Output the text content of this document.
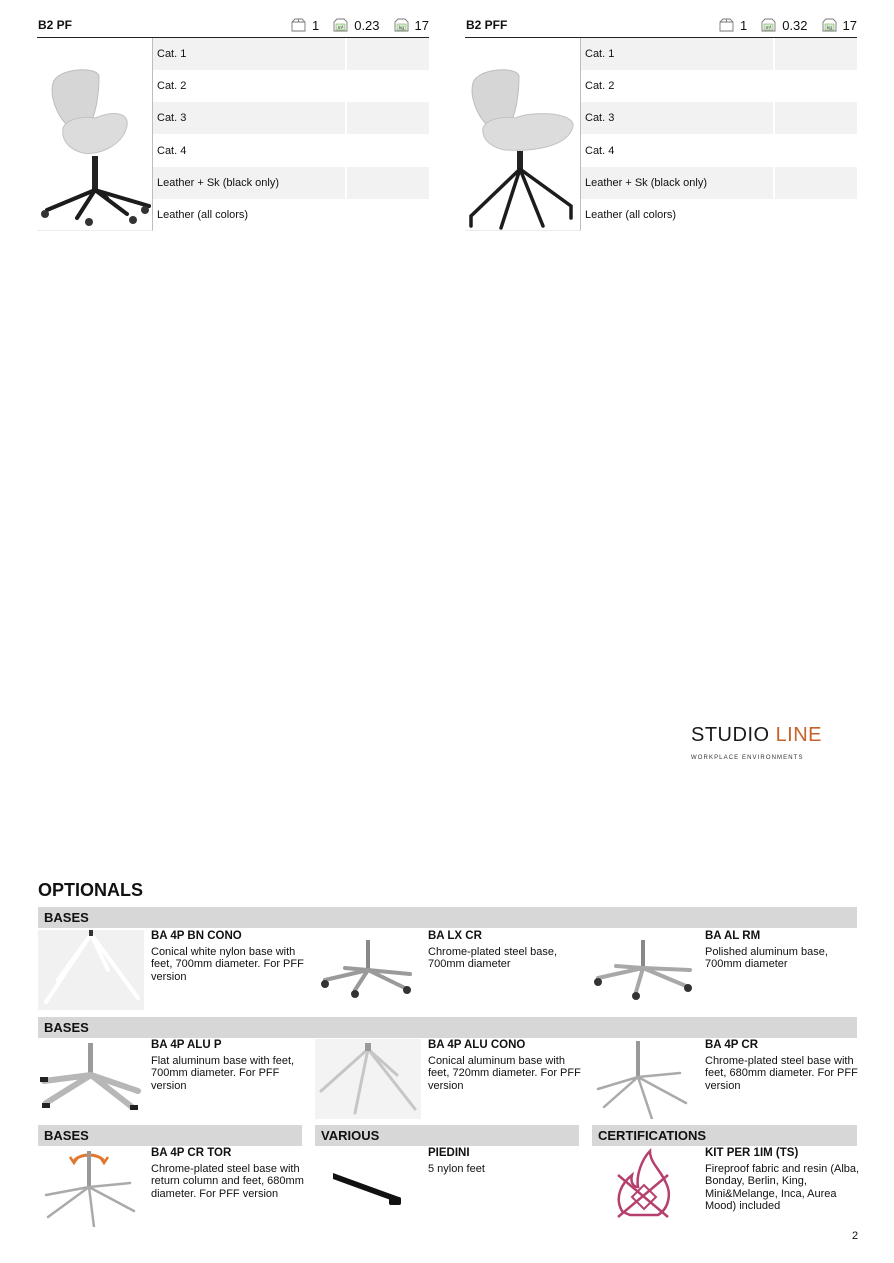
B2 PF	1	m³ 0.23	kg 17
Cat. 1	
Cat. 2	
Cat. 3	
Cat. 4	
Leather + Sk (black only)	
Leather (all colors)	
B2 PFF	1	m³ 0.32	kg 17
Cat. 1	
Cat. 2	
Cat. 3	
Cat. 4	
Leather + Sk (black only)	
Leather (all colors)	
STUDIO LINE
WORKPLACE ENVIRONMENTS
OPTIONALS
BASES
BA 4P BN CONO
Conical white nylon base with feet, 700mm diameter. For PFF version
BA LX CR
Chrome-plated steel base, 700mm diameter
BA AL RM
Polished aluminum base, 700mm diameter
BASES
BA 4P ALU P
Flat aluminum base with feet, 700mm diameter. For PFF version
BA 4P ALU CONO
Conical aluminum base with feet, 720mm diameter. For PFF version
BA 4P CR
Chrome-plated steel base with feet, 680mm diameter. For PFF version
BASES	VARIOUS	CERTIFICATIONS
BA 4P CR TOR
Chrome-plated steel base with return column and feet, 680mm diameter. For PFF version
PIEDINI
5 nylon feet
KIT PER 1IM (TS)
Fireproof fabric and resin (Alba, Bonday, Berlin, King, Mini&Melange, Inca, Aurea Mood) included
2
